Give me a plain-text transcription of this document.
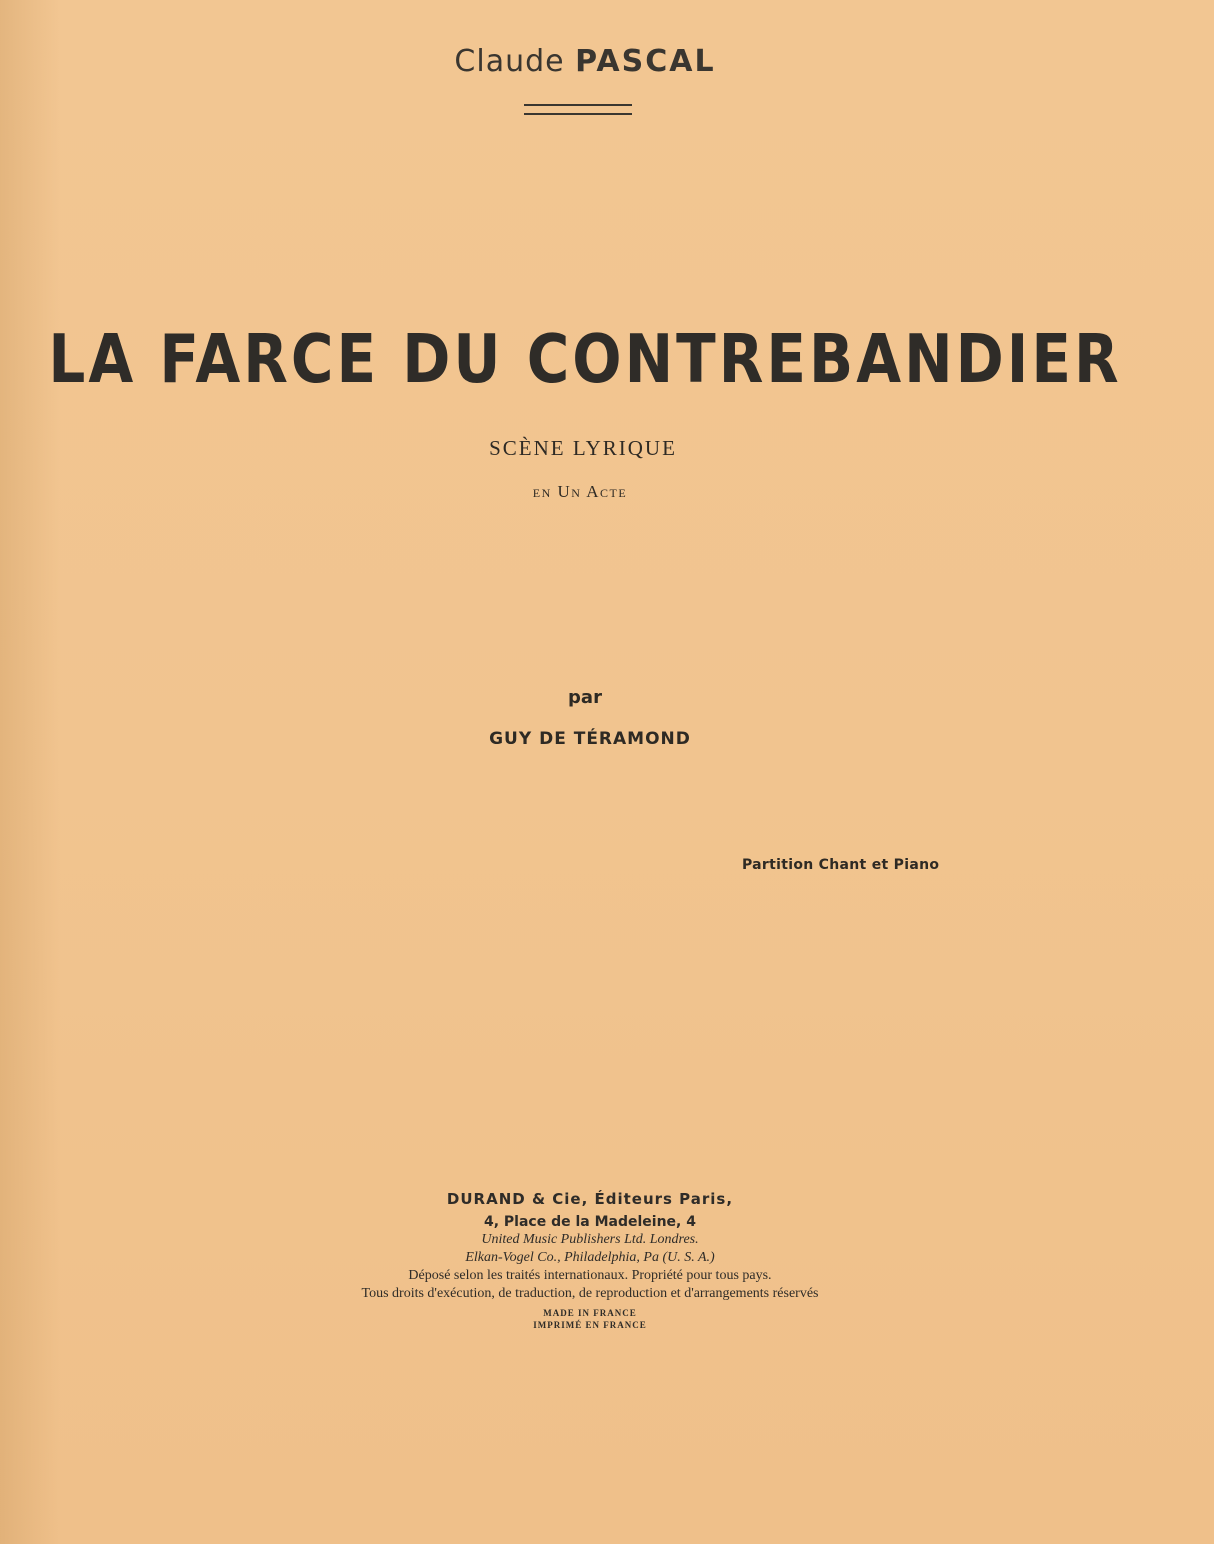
Claude PASCAL
LA FARCE DU CONTREBANDIER
SCÈNE LYRIQUE
en Un Acte
par
GUY DE TÉRAMOND
Partition Chant et Piano
DURAND & Cie, Éditeurs Paris,
4, Place de la Madeleine, 4
United Music Publishers Ltd. Londres.
Elkan-Vogel Co., Philadelphia, Pa (U. S. A.)
Déposé selon les traités internationaux. Propriété pour tous pays.
Tous droits d'exécution, de traduction, de reproduction et d'arrangements réservés
MADE IN FRANCE
IMPRIMÉ EN FRANCE
